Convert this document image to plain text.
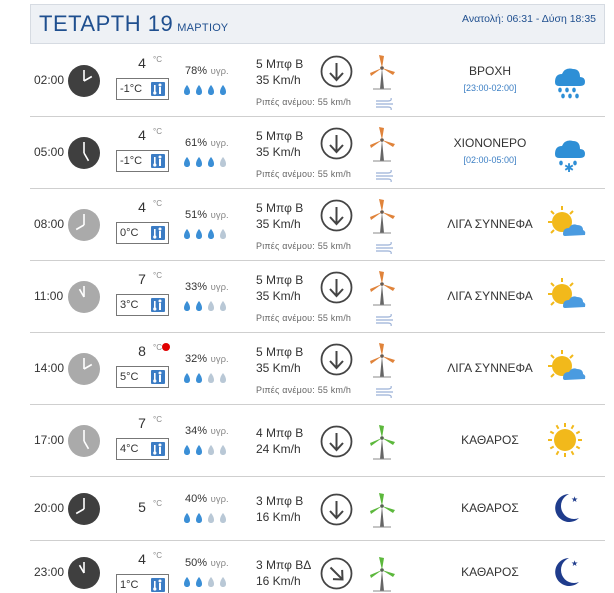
ΤΕΤΑΡΤΗ 19 ΜΑΡΤΙΟΥ
Ανατολή: 06:31 - Δύση 18:35
02:00
4 °C
-1°C
78% υγρ.
5 Μπφ Β
35 Km/h
Ριπές ανέμου: 55 km/h
ΒΡΟΧΗ
[23:00-02:00]
05:00
4 °C
-1°C
61% υγρ.
5 Μπφ Β
35 Km/h
Ριπές ανέμου: 55 km/h
ΧΙΟΝΟΝΕΡΟ
[02:00-05:00]
✱
08:00
4 °C
0°C
51% υγρ.
5 Μπφ Β
35 Km/h
Ριπές ανέμου: 55 km/h
ΛΙΓΑ ΣΥΝΝΕΦΑ
11:00
7 °C
3°C
33% υγρ.
5 Μπφ Β
35 Km/h
Ριπές ανέμου: 55 km/h
ΛΙΓΑ ΣΥΝΝΕΦΑ
14:00
8 °C
5°C
32% υγρ.
5 Μπφ Β
35 Km/h
Ριπές ανέμου: 55 km/h
ΛΙΓΑ ΣΥΝΝΕΦΑ
17:00
7 °C
4°C
34% υγρ. 4 Μπφ Β
24 Km/h
ΚΑΘΑΡΟΣ
20:00	5 °C 40% υγρ. 3 Μπφ Β
16 Km/h
ΚΑΘΑΡΟΣ
★
23:00
4 °C
1°C
50% υγρ. 3 Μπφ ΒΔ
16 Km/h
ΚΑΘΑΡΟΣ
★
